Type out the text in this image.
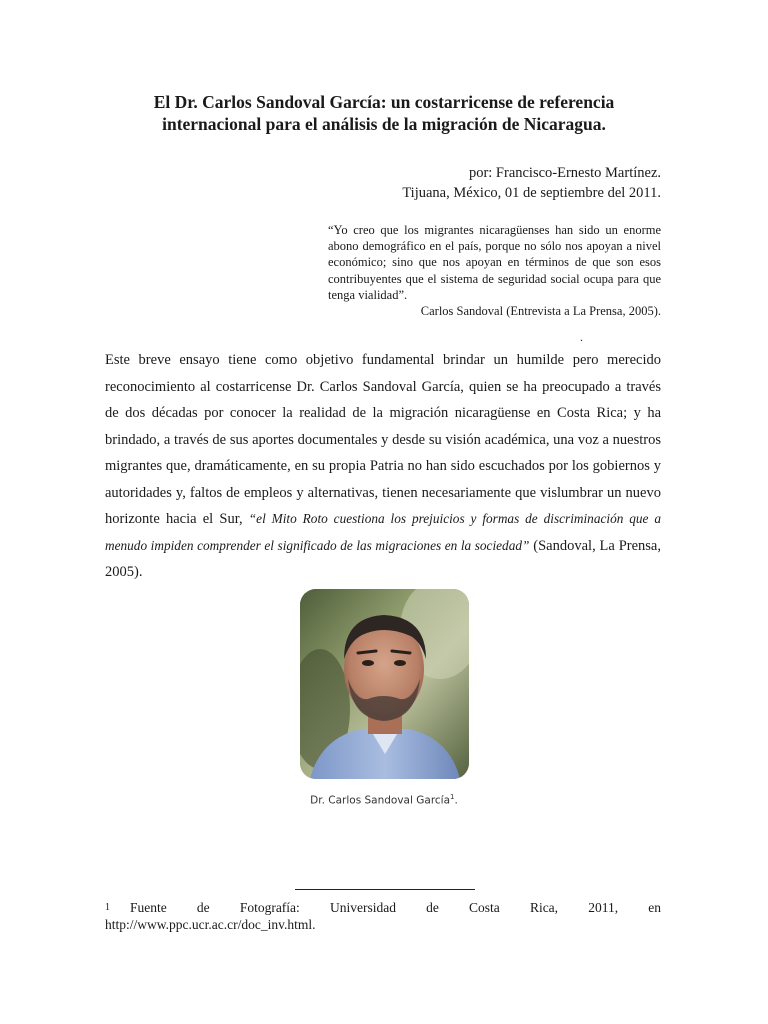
El Dr. Carlos Sandoval García: un costarricense de referencia
internacional para el análisis de la migración de Nicaragua.
por: Francisco-Ernesto Martínez.
Tijuana, México, 01 de septiembre del 2011.
“Yo creo que los migrantes nicaragüenses han sido un enorme abono demográfico en el país, porque no sólo nos apoyan a nivel económico; sino que nos apoyan en términos de que son esos contribuyentes que el sistema de seguridad social ocupa para que tenga vialidad”.
Carlos Sandoval (Entrevista a La Prensa, 2005).
.
Este breve ensayo tiene como objetivo fundamental brindar un humilde pero merecido reconocimiento al costarricense Dr. Carlos Sandoval García, quien se ha preocupado a través de dos décadas por conocer la realidad de la migración nicaragüense en Costa Rica; y ha brindado, a través de sus aportes documentales y desde su visión académica, una voz a nuestros migrantes que, dramáticamente, en su propia Patria no han sido escuchados por los gobiernos y autoridades y, faltos de empleos y alternativas, tienen necesariamente que vislumbrar un nuevo horizonte hacia el Sur, “el Mito Roto cuestiona los prejuicios y formas de discriminación que a menudo impiden comprender el significado de las migraciones en la sociedad” (Sandoval, La Prensa, 2005).
Dr. Carlos Sandoval García$^1$.
$^1$ Fuente de Fotografía: Universidad de Costa Rica, 2011, en
http://www.ppc.ucr.ac.cr/doc_inv.html.
